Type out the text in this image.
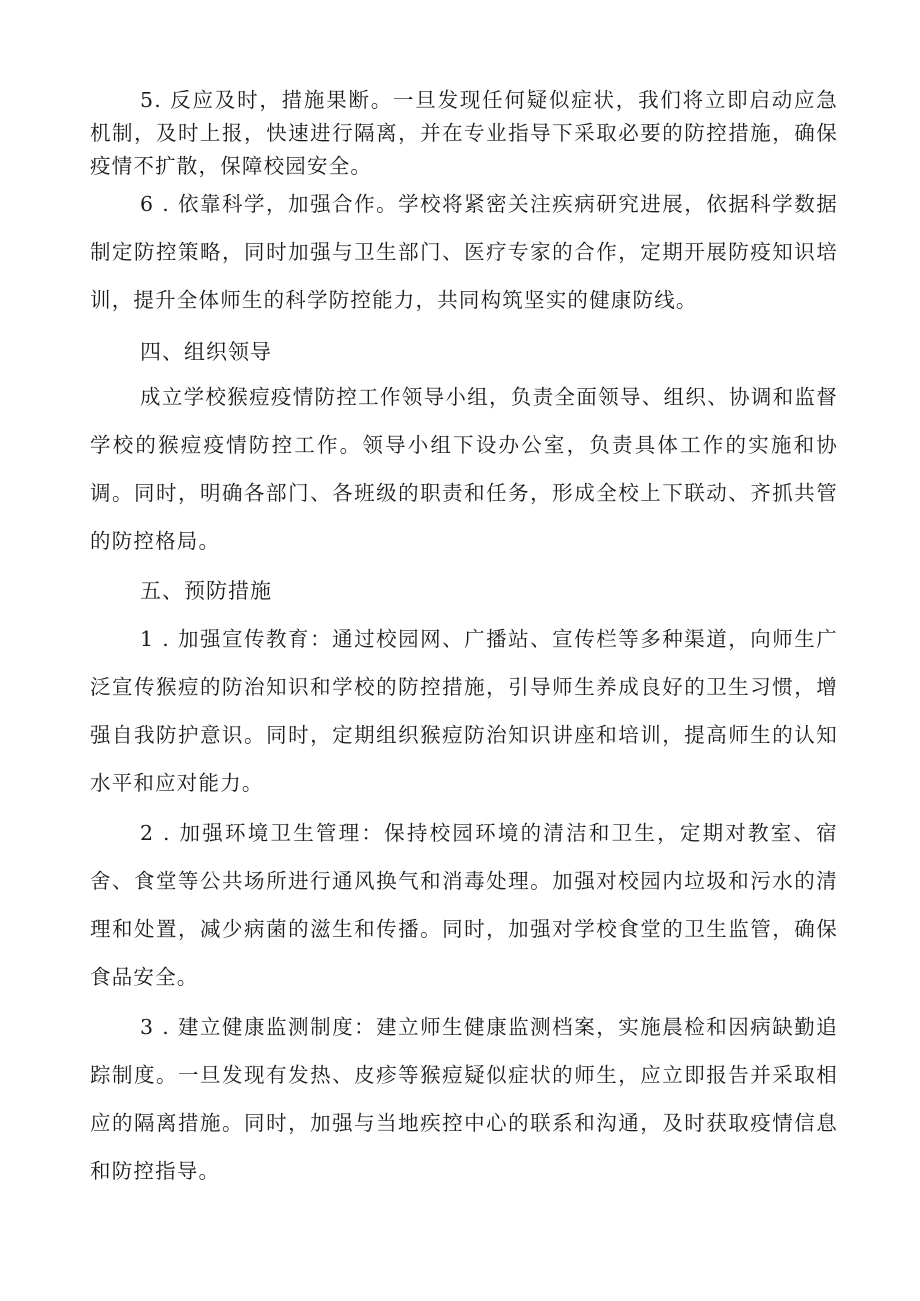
5. 反应及时，措施果断。一旦发现任何疑似症状，我们将立即启动应急机制，及时上报，快速进行隔离，并在专业指导下采取必要的防控措施，确保疫情不扩散，保障校园安全。

6 . 依靠科学，加强合作。学校将紧密关注疾病研究进展，依据科学数据制定防控策略，同时加强与卫生部门、医疗专家的合作，定期开展防疫知识培训，提升全体师生的科学防控能力，共同构筑坚实的健康防线。

四、组织领导

成立学校猴痘疫情防控工作领导小组，负责全面领导、组织、协调和监督学校的猴痘疫情防控工作。领导小组下设办公室，负责具体工作的实施和协调。同时，明确各部门、各班级的职责和任务，形成全校上下联动、齐抓共管的防控格局。

五、预防措施

1 . 加强宣传教育：通过校园网、广播站、宣传栏等多种渠道，向师生广泛宣传猴痘的防治知识和学校的防控措施，引导师生养成良好的卫生习惯，增强自我防护意识。同时，定期组织猴痘防治知识讲座和培训，提高师生的认知水平和应对能力。

2 . 加强环境卫生管理：保持校园环境的清洁和卫生，定期对教室、宿舍、食堂等公共场所进行通风换气和消毒处理。加强对校园内垃圾和污水的清理和处置，减少病菌的滋生和传播。同时，加强对学校食堂的卫生监管，确保食品安全。

3 . 建立健康监测制度：建立师生健康监测档案，实施晨检和因病缺勤追踪制度。一旦发现有发热、皮疹等猴痘疑似症状的师生，应立即报告并采取相应的隔离措施。同时，加强与当地疾控中心的联系和沟通，及时获取疫情信息和防控指导。
